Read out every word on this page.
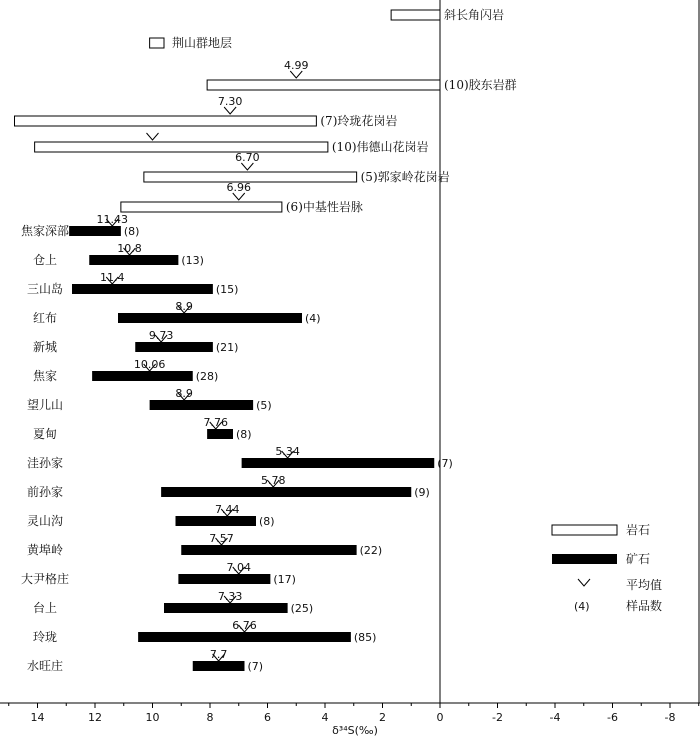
14	12	10	8	6	4	2	0	-2	-4	-6	-8
斜长角闪岩
荆山群地层
4.99
(10)胶东岩群
7.30
(7)玲珑花岗岩
(10)伟德山花岗岩
6.70
(5)郭家岭花岗岩
6.96
(6)中基性岩脉
11.43
(8)
焦家深部
10.8
(13)
仓上
11.4
(15)
三山岛
8.9
(4)
红布
9.73
(21)
新城
10.06
(28)
焦家
8.9
(5)
望儿山
7.76
(8)
夏甸
5.34
(7)
洼孙家
5.78
(9)
前孙家
7.44
(8)
灵山沟
7.57
(22)
黄埠岭
7.04
(17)
大尹格庄
7.33
(25)
台上
6.76
(85)
玲珑
7.7
(7)
水旺庄
岩石
矿石
平均值
(4)	样品数
δ³⁴S(‰)
